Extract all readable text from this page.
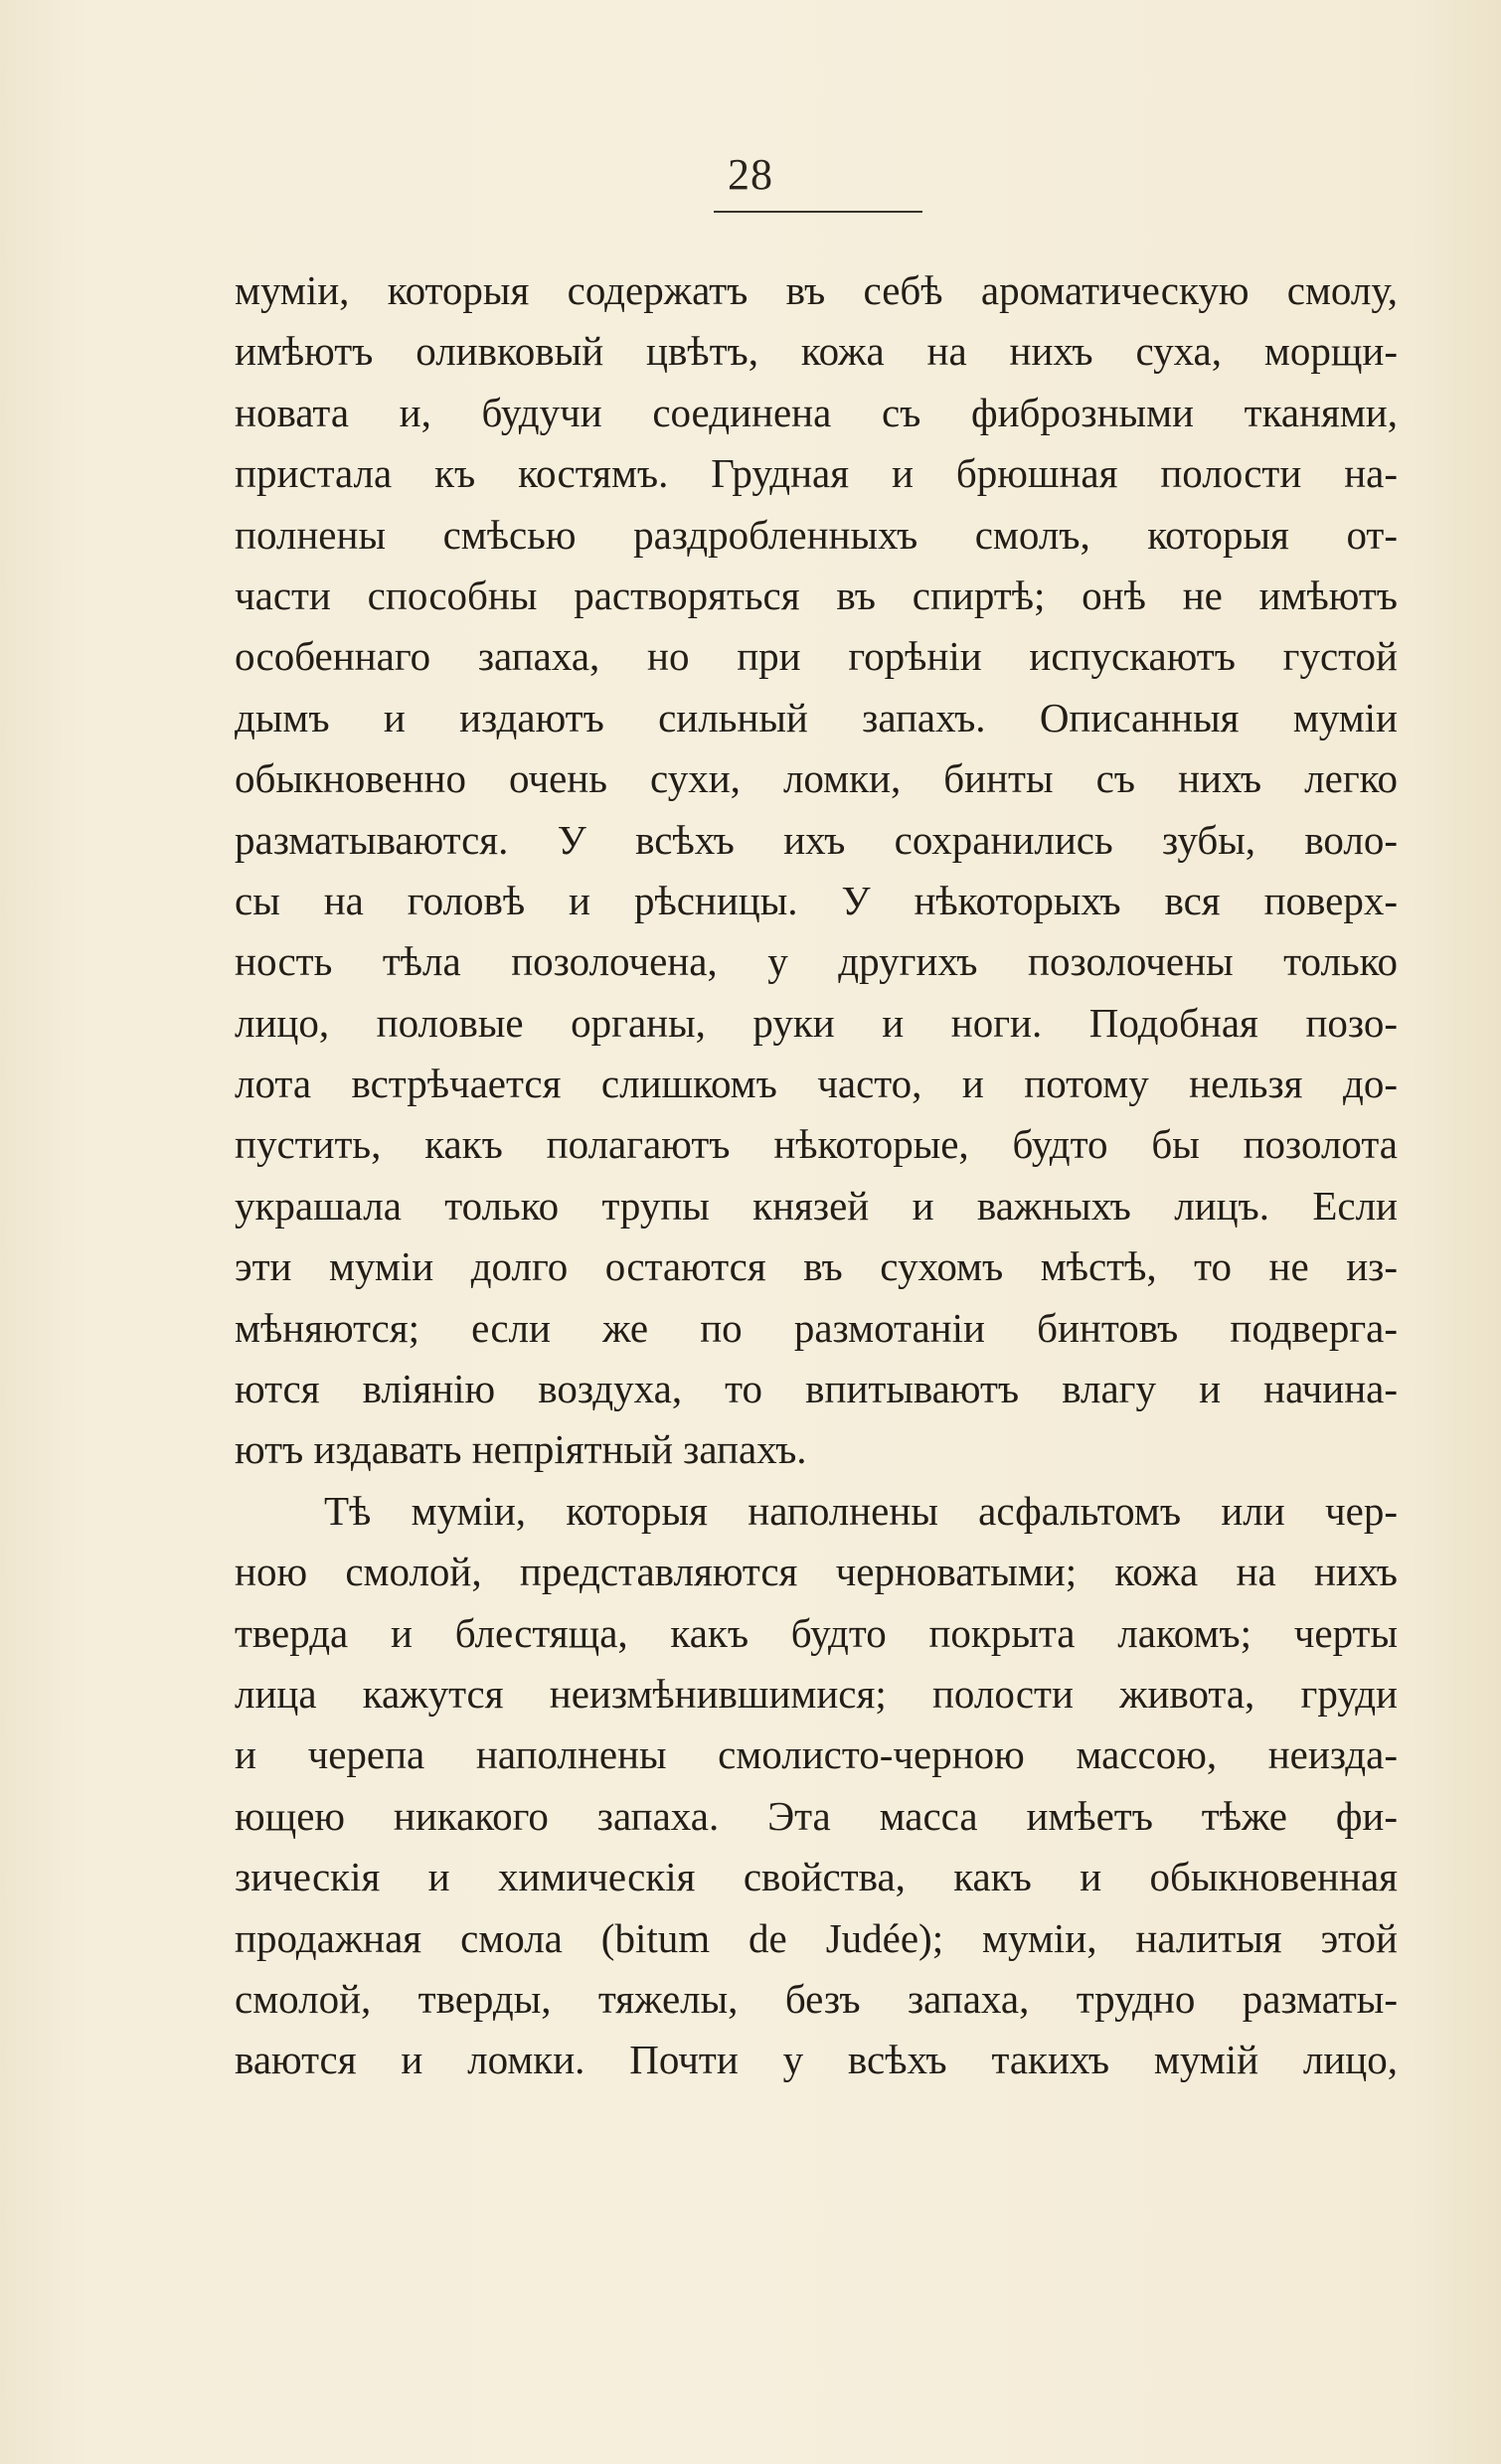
28
муміи, которыя содержатъ въ себѣ ароматическую смолу,
имѣютъ оливковый цвѣтъ, кожа на нихъ суха, морщи-
новата и, будучи соединена съ фиброзными тканями,
пристала къ костямъ. Грудная и брюшная полости на-
полнены смѣсью раздробленныхъ смолъ, которыя от-
части способны растворяться въ спиртѣ; онѣ не имѣютъ
особеннаго запаха, но при горѣніи испускаютъ густой
дымъ и издаютъ сильный запахъ. Описанныя муміи
обыкновенно очень сухи, ломки, бинты съ нихъ легко
разматываются. У всѣхъ ихъ сохранились зубы, воло-
сы на головѣ и рѣсницы. У нѣкоторыхъ вся поверх-
ность тѣла позолочена, у другихъ позолочены только
лицо, половые органы, руки и ноги. Подобная позо-
лота встрѣчается слишкомъ часто, и потому нельзя до-
пустить, какъ полагаютъ нѣкоторые, будто бы позолота
украшала только трупы князей и важныхъ лицъ. Если
эти муміи долго остаются въ сухомъ мѣстѣ, то не из-
мѣняются; если же по размотаніи бинтовъ подверга-
ются вліянію воздуха, то впитываютъ влагу и начина-
ютъ издавать непріятный запахъ.
Тѣ муміи, которыя наполнены асфальтомъ или чер-
ною смолой, представляются черноватыми; кожа на нихъ
тверда и блестяща, какъ будто покрыта лакомъ; черты
лица кажутся неизмѣнившимися; полости живота, груди
и черепа наполнены смолисто-черною массою, неизда-
ющею никакого запаха. Эта масса имѣетъ тѣже фи-
зическія и химическія свойства, какъ и обыкновенная
продажная смола (bitum de Judée); муміи, налитыя этой
смолой, тверды, тяжелы, безъ запаха, трудно разматы-
ваются и ломки. Почти у всѣхъ такихъ мумій лицо,
